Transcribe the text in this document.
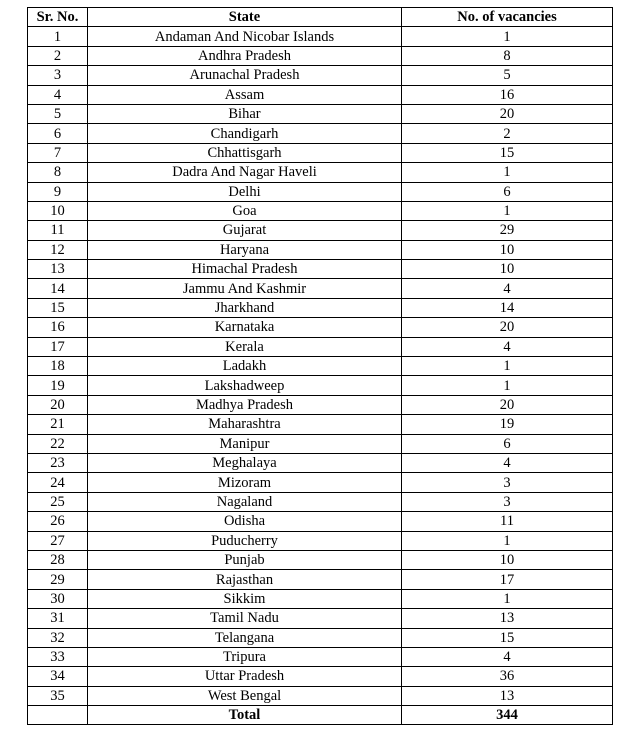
Sr. No.	State	No. of vacancies
1	Andaman And Nicobar Islands	1
2	Andhra Pradesh	8
3	Arunachal Pradesh	5
4	Assam	16
5	Bihar	20
6	Chandigarh	2
7	Chhattisgarh	15
8	Dadra And Nagar Haveli	1
9	Delhi	6
10	Goa	1
11	Gujarat	29
12	Haryana	10
13	Himachal Pradesh	10
14	Jammu And Kashmir	4
15	Jharkhand	14
16	Karnataka	20
17	Kerala	4
18	Ladakh	1
19	Lakshadweep	1
20	Madhya Pradesh	20
21	Maharashtra	19
22	Manipur	6
23	Meghalaya	4
24	Mizoram	3
25	Nagaland	3
26	Odisha	11
27	Puducherry	1
28	Punjab	10
29	Rajasthan	17
30	Sikkim	1
31	Tamil Nadu	13
32	Telangana	15
33	Tripura	4
34	Uttar Pradesh	36
35	West Bengal	13
	Total	344
